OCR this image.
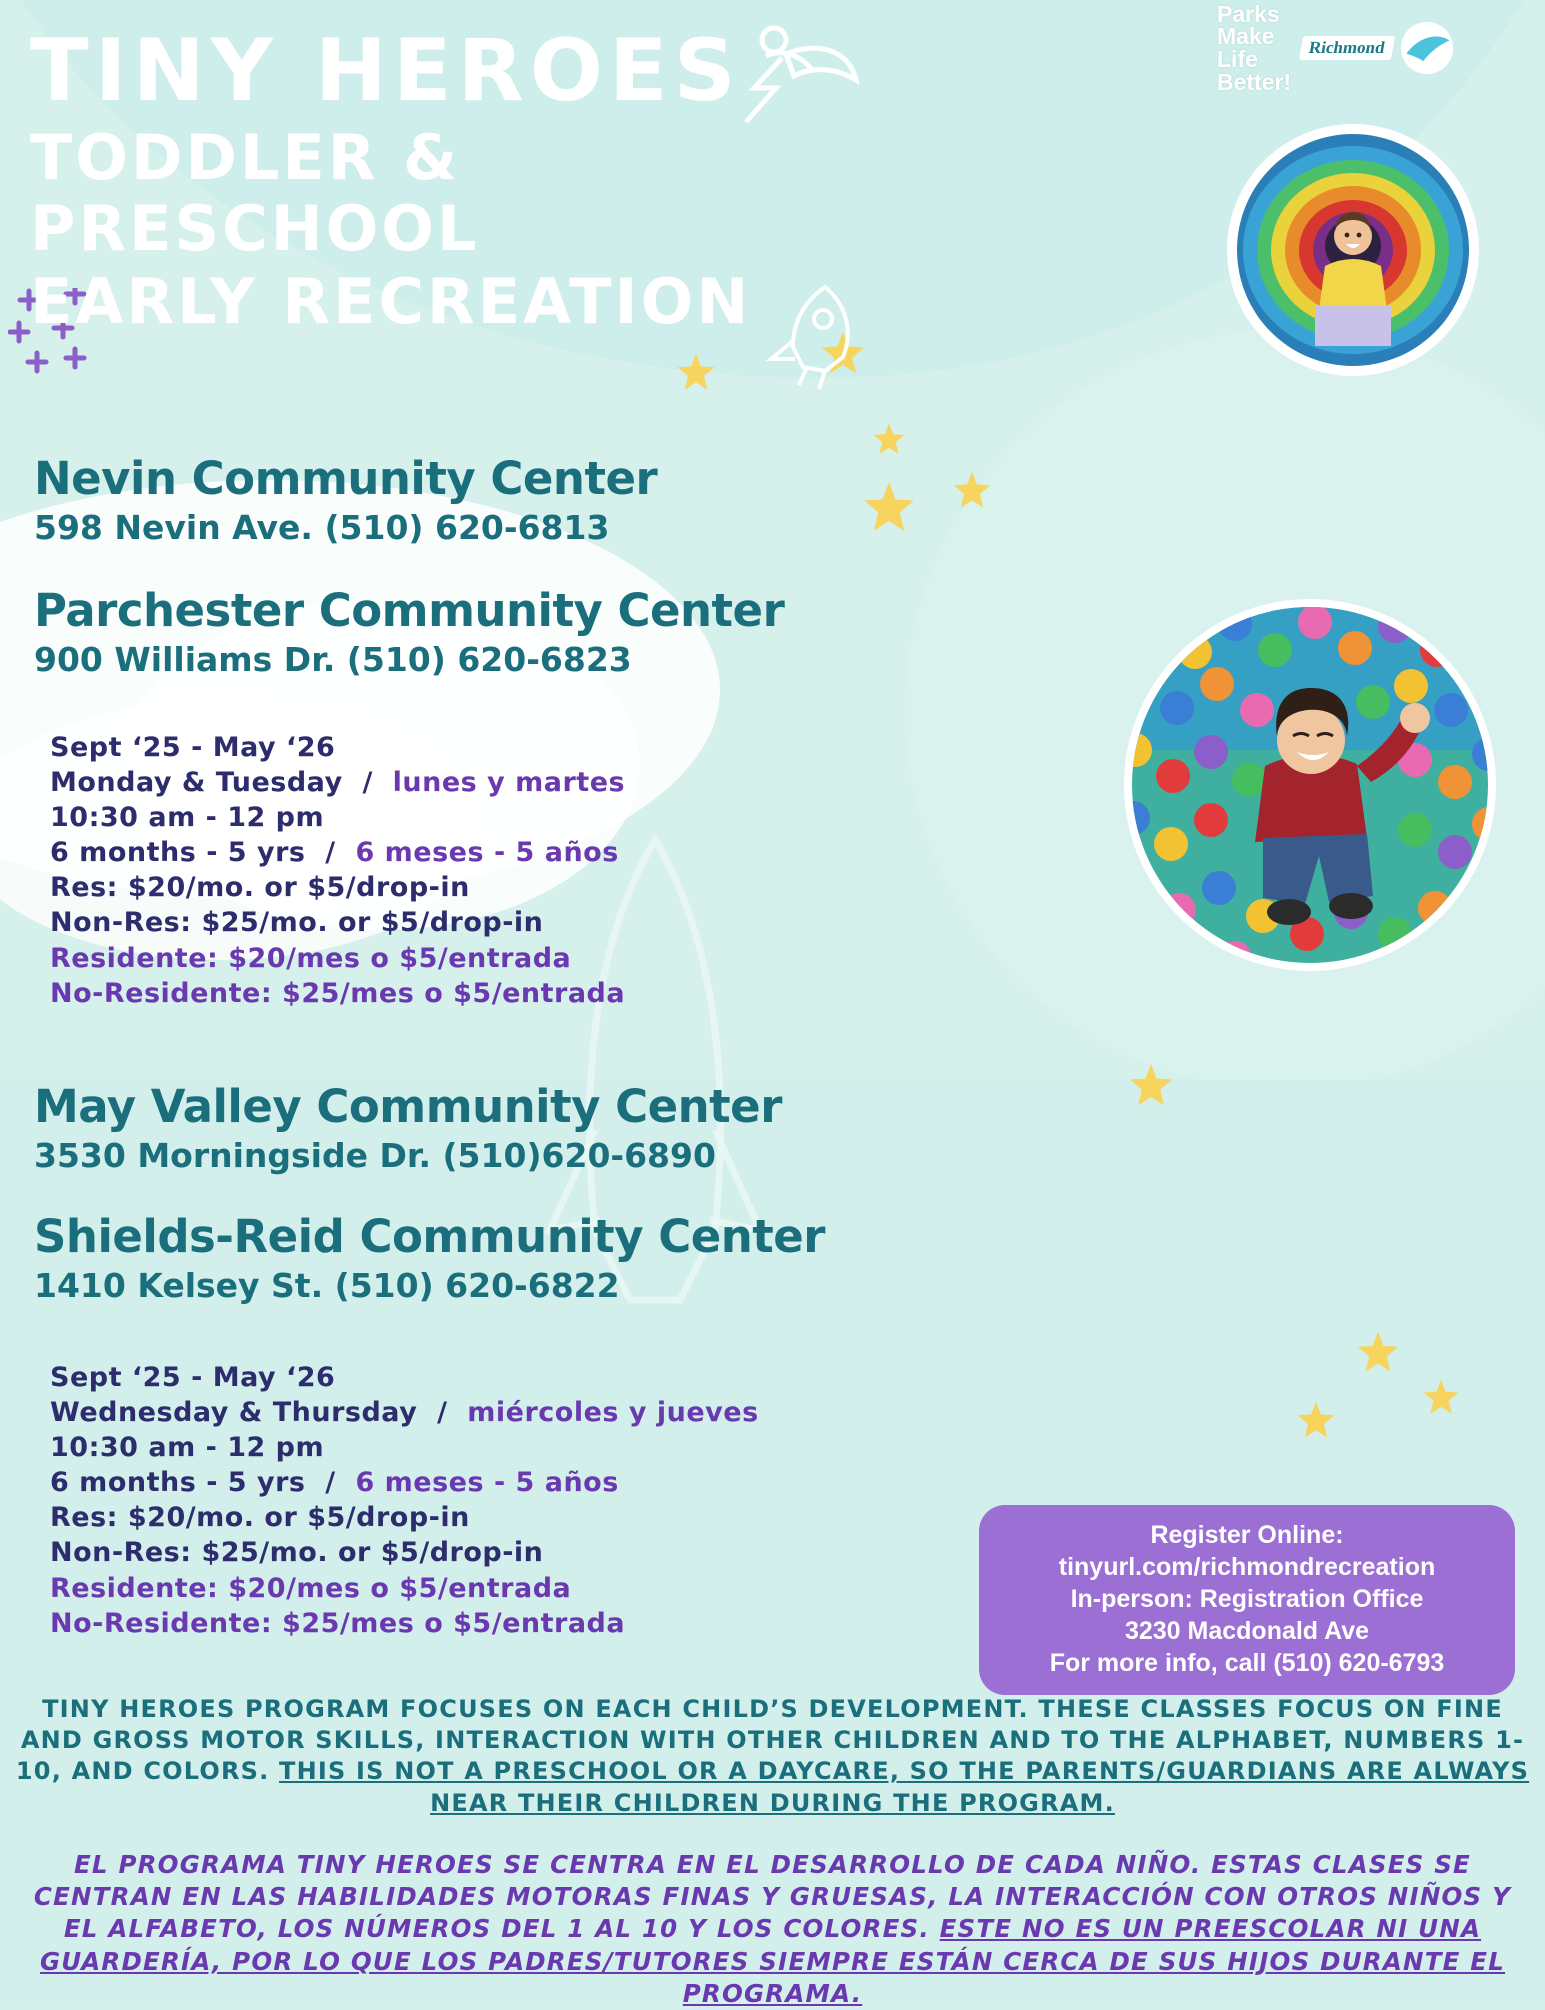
TINY HEROES
TODDLER & PRESCHOOL
EARLY RECREATION
Parks
Make
Life
Better!
Richmond
Nevin Community Center
598 Nevin Ave. (510) 620-6813
Parchester Community Center
900 Williams Dr. (510) 620-6823
Sept ‘25 - May ‘26
Monday & Tuesday  /  lunes y martes
10:30 am - 12 pm
6 months - 5 yrs  /  6 meses - 5 años
Res: $20/mo. or $5/drop-in
Non-Res: $25/mo. or $5/drop-in
Residente: $20/mes o $5/entrada
No-Residente: $25/mes o $5/entrada
May Valley Community Center
3530 Morningside Dr. (510)620-6890
Shields-Reid Community Center
1410 Kelsey St. (510) 620-6822
Sept ‘25 - May ‘26
Wednesday & Thursday  /  miércoles y jueves
10:30 am - 12 pm
6 months - 5 yrs  /  6 meses - 5 años
Res: $20/mo. or $5/drop-in
Non-Res: $25/mo. or $5/drop-in
Residente: $20/mes o $5/entrada
No-Residente: $25/mes o $5/entrada
Register Online:
tinyurl.com/richmondrecreation
In-person: Registration Office
3230 Macdonald Ave
For more info, call (510) 620-6793
TINY HEROES PROGRAM FOCUSES ON EACH CHILD’S DEVELOPMENT. THESE CLASSES FOCUS ON FINE AND GROSS MOTOR SKILLS, INTERACTION WITH OTHER CHILDREN AND TO THE ALPHABET, NUMBERS 1-10, AND COLORS. THIS IS NOT A PRESCHOOL OR A DAYCARE, SO THE PARENTS/GUARDIANS ARE ALWAYS NEAR THEIR CHILDREN DURING THE PROGRAM.
EL PROGRAMA TINY HEROES SE CENTRA EN EL DESARROLLO DE CADA NIÑO. ESTAS CLASES SE CENTRAN EN LAS HABILIDADES MOTORAS FINAS Y GRUESAS, LA INTERACCIÓN CON OTROS NIÑOS Y EL ALFABETO, LOS NÚMEROS DEL 1 AL 10 Y LOS COLORES. ESTE NO ES UN PREESCOLAR NI UNA GUARDERÍA, POR LO QUE LOS PADRES/TUTORES SIEMPRE ESTÁN CERCA DE SUS HIJOS DURANTE EL PROGRAMA.
